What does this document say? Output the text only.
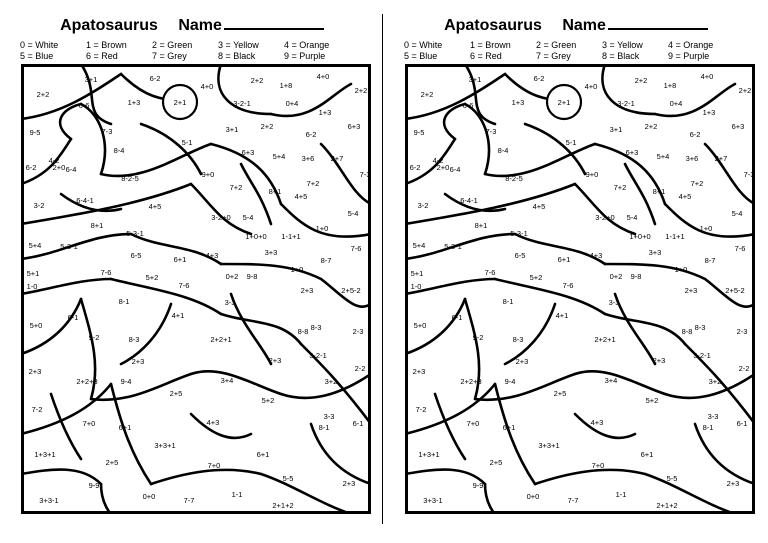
Apatosaurus Name
0 = White	1 = Brown	2 = Green	3 = Yellow	4 = Orange
5 = Blue	6 = Red	7 = Grey	8 = Black	9 = Purple
3+1	6-2
4+0
2+2	4+0
1+8
2+2
2+2
6-6	1+3	2+1	3-2-1	0+4
1+3
6+3
9-5	7-3	3+1	2+2
6-2
5-1
4-2
8-4	6+3 5+4 3+6 2+7
6-2 2+0 6-4
8-2-5	9+0
7+2	8+1
7+2
7-3
4+5
3-2
6-4-1
4+5
5-4	5-4
1+0
8+1
3-2+0
1+0+0 1-1+1
5-3-1
5+4	5-3-1
6-5	6+1	4+3	3+3
8-7
7-6
5+1	7-6
5+2	0+2 9-8
1+0
1-0	7-6
3-3
2+3	2+5-2
6-1
8-1
5+0
9-2
4+1
8-8 8-3	2-3
8-3	2+2+1
2+3
3-2-1
2-2
2+3
2+2+3	9-4
2+3
3+4	3+2
7-2
2+5
5+2
3-3
7+0	6+1
4+3
8-1	6-1
1+3+1
3+3+1
2+5	7+0
6+1
5-5
2+3
9-9
0+0	7-7
1-1
2+1+2
3+3-1
Apatosaurus Name
0 = White	1 = Brown	2 = Green	3 = Yellow	4 = Orange
5 = Blue	6 = Red	7 = Grey	8 = Black	9 = Purple
3+1	6-2
4+0
2+2	4+0
1+8
2+2
2+2
6-6	1+3	2+1	3-2-1	0+4
1+3
6+3
9-5	7-3	3+1	2+2
6-2
5-1
4-2
8-4	6+3 5+4 3+6 2+7
6-2 2+0 6-4
8-2-5	9+0
7+2	8+1
7+2
7-3
4+5
3-2
6-4-1
4+5
5-4	5-4
1+0
8+1
3-2+0
1+0+0 1-1+1
5-3-1
5+4	5-3-1
6-5	6+1	4+3	3+3
8-7
7-6
5+1	7-6
5+2	0+2 9-8
1+0
1-0	7-6
3-3
2+3	2+5-2
6-1
8-1
5+0
9-2
4+1
8-8 8-3	2-3
8-3	2+2+1
2+3
3-2-1
2-2
2+3
2+2+3	9-4
2+3
3+4	3+2
7-2
2+5
5+2
3-3
7+0	6+1
4+3
8-1	6-1
1+3+1
3+3+1
2+5	7+0
6+1
5-5
2+3
9-9
0+0	7-7
1-1
2+1+2
3+3-1
